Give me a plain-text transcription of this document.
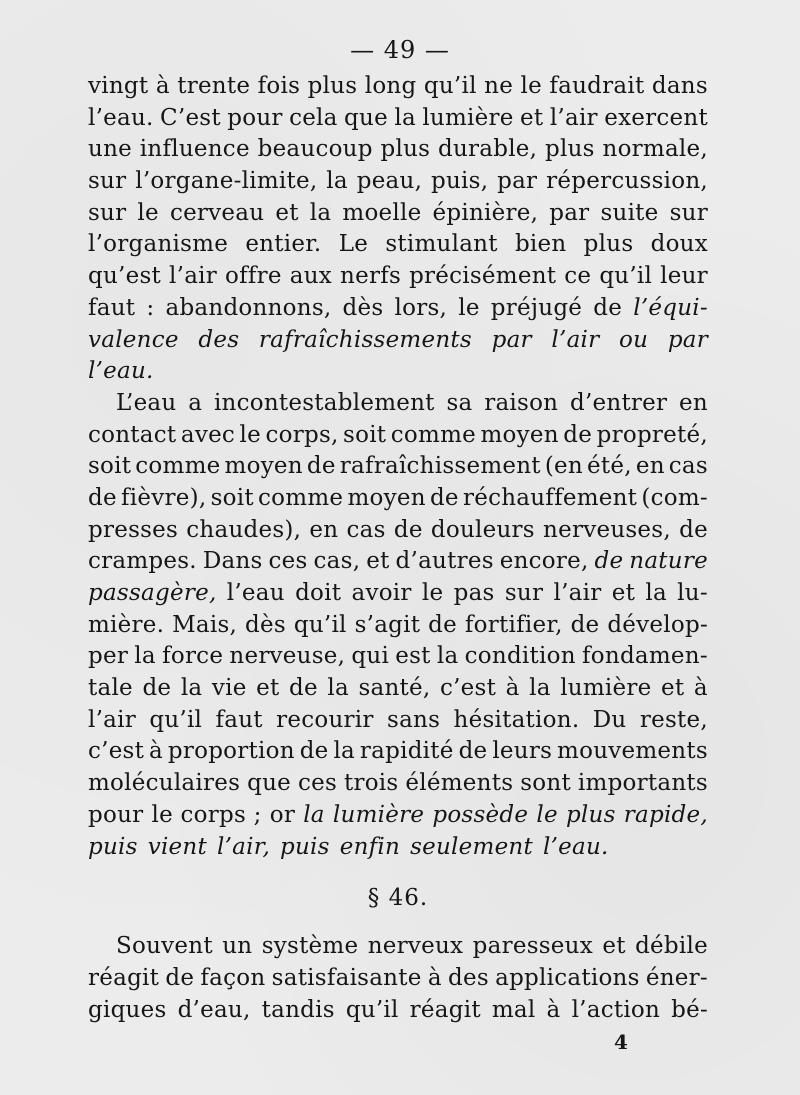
— 49 —
vingt à trente fois plus long qu’il ne le faudrait dans
l’eau. C’est pour cela que la lumière et l’air exercent
une influence beaucoup plus durable, plus normale,
sur l’organe-limite, la peau, puis, par répercussion,
sur le cerveau et la moelle épinière, par suite sur
l’organisme entier. Le stimulant bien plus doux
qu’est l’air offre aux nerfs précisément ce qu’il leur
faut : abandonnons, dès lors, le préjugé de l’équi-
valence des rafraîchissements par l’air ou par
l’eau.
L’eau a incontestablement sa raison d’entrer en
contact avec le corps, soit comme moyen de propreté,
soit comme moyen de rafraîchissement (en été, en cas
de fièvre), soit comme moyen de réchauffement (com-
presses chaudes), en cas de douleurs nerveuses, de
crampes. Dans ces cas, et d’autres encore, de nature
passagère, l’eau doit avoir le pas sur l’air et la lu-
mière. Mais, dès qu’il s’agit de fortifier, de dévelop-
per la force nerveuse, qui est la condition fondamen-
tale de la vie et de la santé, c’est à la lumière et à
l’air qu’il faut recourir sans hésitation. Du reste,
c’est à proportion de la rapidité de leurs mouvements
moléculaires que ces trois éléments sont importants
pour le corps ; or la lumière possède le plus rapide,
puis vient l’air, puis enfin seulement l’eau.
§ 46.
Souvent un système nerveux paresseux et débile
réagit de façon satisfaisante à des applications éner-
giques d’eau, tandis qu’il réagit mal à l’action bé-
4
